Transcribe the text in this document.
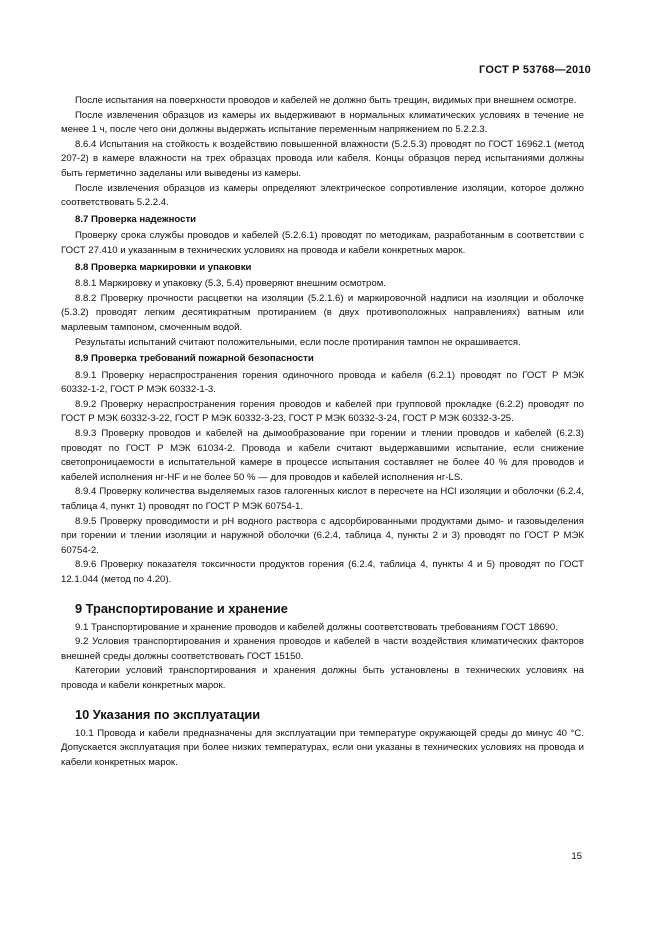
ГОСТ Р 53768—2010

После испытания на поверхности проводов и кабелей не должно быть трещин, видимых при внешнем осмотре.

После извлечения образцов из камеры их выдерживают в нормальных климатических условиях в течение не менее 1 ч, после чего они должны выдержать испытание переменным напряжением по 5.2.2.3.

8.6.4 Испытания на стойкость к воздействию повышенной влажности (5.2.5.3) проводят по ГОСТ 16962.1 (метод 207-2) в камере влажности на трех образцах провода или кабеля. Концы образцов перед испытаниями должны быть герметично заделаны или выведены из камеры.

После извлечения образцов из камеры определяют электрическое сопротивление изоляции, которое должно соответствовать 5.2.2.4.

8.7 Проверка надежности

Проверку срока службы проводов и кабелей (5.2.6.1) проводят по методикам, разработанным в соответствии с ГОСТ 27.410 и указанным в технических условиях на провода и кабели конкретных марок.

8.8 Проверка маркировки и упаковки

8.8.1 Маркировку и упаковку (5.3, 5.4) проверяют внешним осмотром.

8.8.2 Проверку прочности расцветки на изоляции (5.2.1.6) и маркировочной надписи на изоляции и оболочке (5.3.2) проводят легким десятикратным протиранием (в двух противоположных направлениях) ватным или марлевым тампоном, смоченным водой.

Результаты испытаний считают положительными, если после протирания тампон не окрашивается.

8.9 Проверка требований пожарной безопасности

8.9.1 Проверку нераспространения горения одиночного провода и кабеля (6.2.1) проводят по ГОСТ Р МЭК 60332-1-2, ГОСТ Р МЭК 60332-1-3.

8.9.2 Проверку нераспространения горения проводов и кабелей при групповой прокладке (6.2.2) проводят по ГОСТ Р МЭК 60332-3-22, ГОСТ Р МЭК 60332-3-23, ГОСТ Р МЭК 60332-3-24, ГОСТ Р МЭК 60332-3-25.

8.9.3 Проверку проводов и кабелей на дымообразование при горении и тлении проводов и кабелей (6.2.3) проводят по ГОСТ Р МЭК 61034-2. Провода и кабели считают выдержавшими испытание, если снижение светопроницаемости в испытательной камере в процессе испытания составляет не более 40 % для проводов и кабелей исполнения нг-HF и не более 50 % — для проводов и кабелей исполнения нг-LS.

8.9.4 Проверку количества выделяемых газов галогенных кислот в пересчете на HCl изоляции и оболочки (6.2.4, таблица 4, пункт 1) проводят по ГОСТ Р МЭК 60754-1.

8.9.5 Проверку проводимости и pH водного раствора с адсорбированными продуктами дымо- и газовыделения при горении и тлении изоляции и наружной оболочки (6.2.4, таблица 4, пункты 2 и 3) проводят по ГОСТ Р МЭК 60754-2.

8.9.6 Проверку показателя токсичности продуктов горения (6.2.4, таблица 4, пункты 4 и 5) проводят по ГОСТ 12.1.044 (метод по 4.20).

9 Транспортирование и хранение

9.1 Транспортирование и хранение проводов и кабелей должны соответствовать требованиям ГОСТ 18690.

9.2 Условия транспортирования и хранения проводов и кабелей в части воздействия климатических факторов внешней среды должны соответствовать ГОСТ 15150.

Категории условий транспортирования и хранения должны быть установлены в технических условиях на провода и кабели конкретных марок.

10 Указания по эксплуатации

10.1 Провода и кабели предназначены для эксплуатации при температуре окружающей среды до минус 40 °С. Допускается эксплуатация при более низких температурах, если они указаны в технических условиях на провода и кабели конкретных марок.

15
